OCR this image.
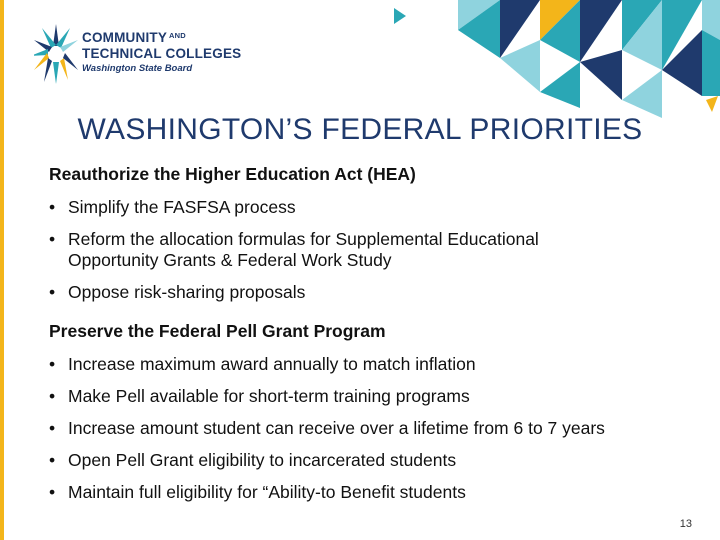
COMMUNITY $^{AND}$
TECHNICAL COLLEGES
Washington State Board
WASHINGTON’S FEDERAL PRIORITIES

Reauthorize the Higher Education Act (HEA)

• Simplify the FASFSA process
• Reform the allocation formulas for Supplemental Educational Opportunity Grants & Federal Work Study
• Oppose risk-sharing proposals

Preserve the Federal Pell Grant Program

• Increase maximum award annually to match inflation
• Make Pell available for short-term training programs
• Increase amount student can receive over a lifetime from 6 to 7 years
• Open Pell Grant eligibility to incarcerated students
• Maintain full eligibility for “Ability-to Benefit students
13
